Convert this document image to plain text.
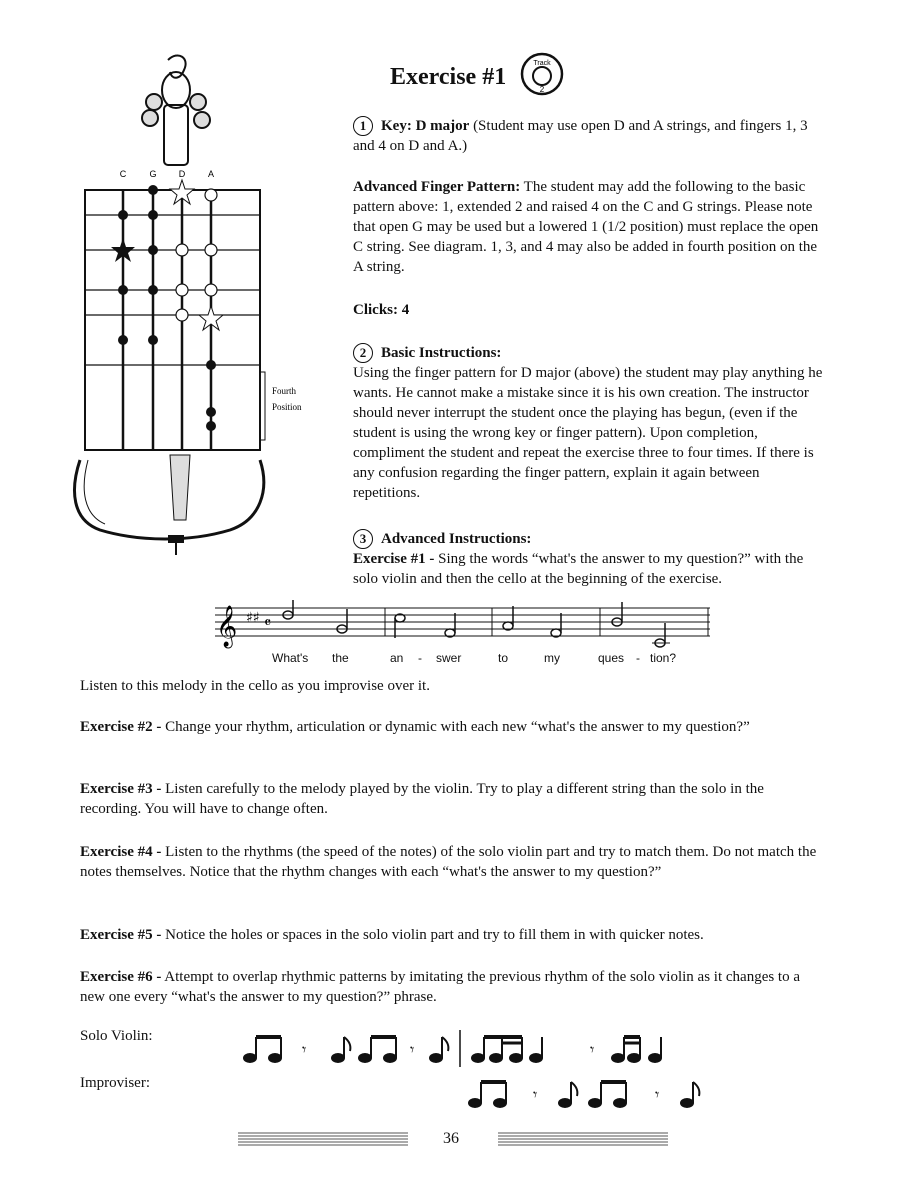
Exercise #1
Track
2
C	G D	A
Fourth
Position
1 Key: D major (Student may use open D and A strings, and fingers 1, 3 and 4 on D and A.)
Advanced Finger Pattern: The student may add the following to the basic pattern above: 1, extended 2 and raised 4 on the C and G strings. Please note that open G may be used but a lowered 1 (1/2 position) must replace the open C string. See diagram. 1, 3, and 4 may also be added in fourth position on the A string.
Clicks: 4
2 Basic Instructions:
Using the finger pattern for D major (above) the student may play anything he wants. He cannot make a mistake since it is his own creation. The instructor should never interrupt the student once the playing has begun, (even if the student is using the wrong key or finger pattern). Upon completion, compliment the student and repeat the exercise three to four times. If there is any confusion regarding the finger pattern, explain it again between repetitions.
3 Advanced Instructions:
Exercise #1 - Sing the words “what's the answer to my question?” with the solo violin and then the cello at the beginning of the exercise.
𝄞 ♯♯ 𝄴
What's the	an - swer	to	my	ques - tion?
Listen to this melody in the cello as you improvise over it.
Exercise #2 - Change your rhythm, articulation or dynamic with each new “what's the answer to my question?”
Exercise #3 - Listen carefully to the melody played by the violin. Try to play a different string than the solo in the recording. You will have to change often.
Exercise #4 - Listen to the rhythms (the speed of the notes) of the solo violin part and try to match them. Do not match the notes themselves. Notice that the rhythm changes with each “what's the answer to my question?”
Exercise #5 - Notice the holes or spaces in the solo violin part and try to fill them in with quicker notes.
Exercise #6 - Attempt to overlap rhythmic patterns by imitating the previous rhythm of the solo violin as it changes to a new one every “what's the answer to my question?” phrase.
Solo Violin:
Improviser:
𝄾	𝄾	𝄾
𝄾	𝄾
36
